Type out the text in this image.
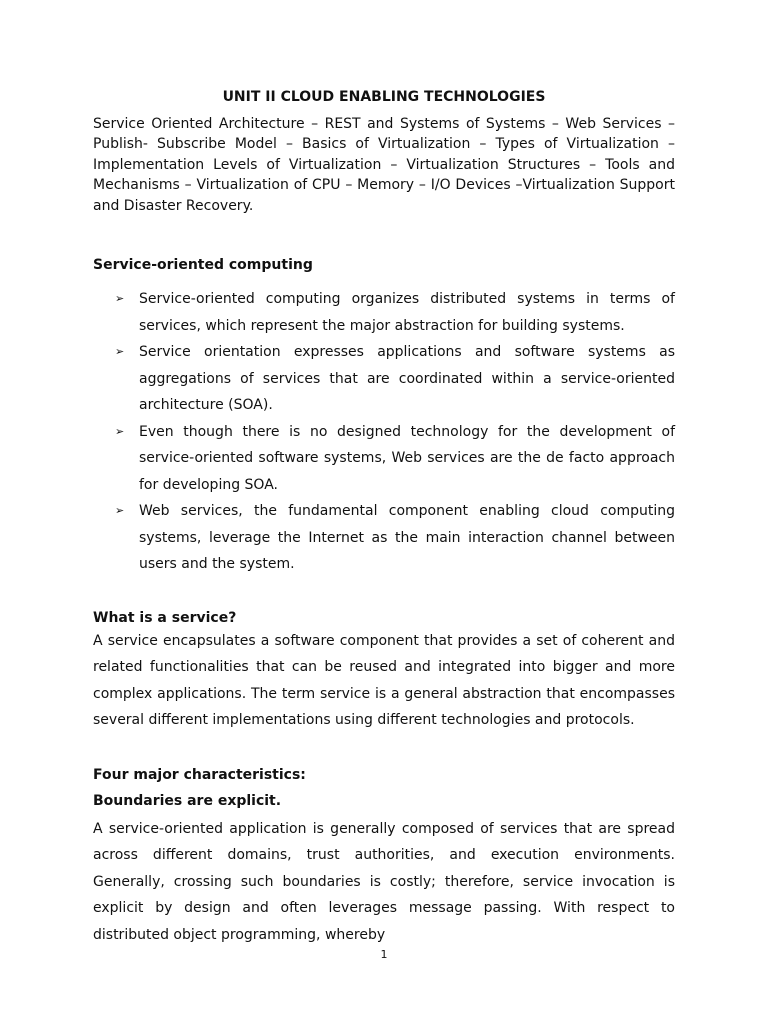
UNIT II CLOUD ENABLING TECHNOLOGIES

Service Oriented Architecture – REST and Systems of Systems – Web Services – Publish- Subscribe Model – Basics of Virtualization – Types of Virtualization – Implementation Levels of Virtualization – Virtualization Structures – Tools and Mechanisms – Virtualization of CPU – Memory – I/O Devices –Virtualization Support and Disaster Recovery.

Service-oriented computing
➢ Service-oriented computing organizes distributed systems in terms of services, which represent the major abstraction for building systems.
➢ Service orientation expresses applications and software systems as aggregations of services that are coordinated within a service-oriented architecture (SOA).
➢ Even though there is no designed technology for the development of service-oriented software systems, Web services are the de facto approach for developing SOA.
➢ Web services, the fundamental component enabling cloud computing systems, leverage the Internet as the main interaction channel between users and the system.
What is a service?

A service encapsulates a software component that provides a set of coherent and related functionalities that can be reused and integrated into bigger and more complex applications. The term service is a general abstraction that encompasses several different implementations using different technologies and protocols.

Four major characteristics:
Boundaries are explicit.

A service-oriented application is generally composed of services that are spread across different domains, trust authorities, and execution environments. Generally, crossing such boundaries is costly; therefore, service invocation is explicit by design and often leverages message passing. With respect to distributed object programming, whereby

1
